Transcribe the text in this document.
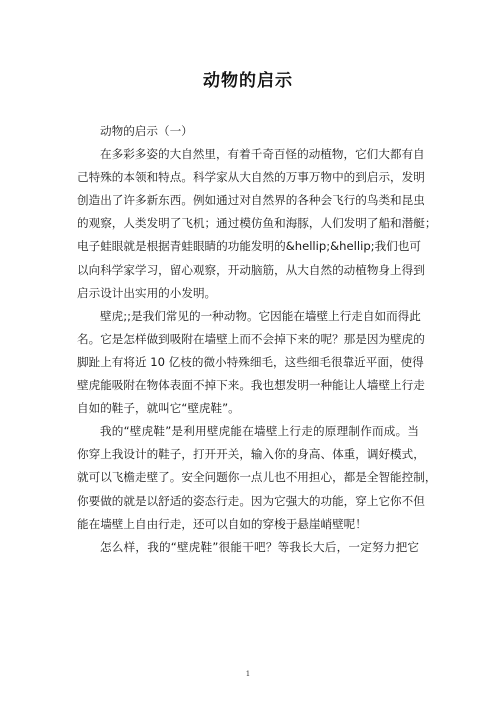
动物的启示
动物的启示（一）
在多彩多姿的大自然里，有着千奇百怪的动植物，它们大都有自
己特殊的本领和特点。科学家从大自然的万事万物中的到启示，发明
创造出了许多新东西。例如通过对自然界的各种会飞行的鸟类和昆虫
的观察，人类发明了飞机；通过模仿鱼和海豚，人们发明了船和潜艇；
电子蛙眼就是根据青蛙眼睛的功能发明的&hellip;&hellip;我们也可
以向科学家学习，留心观察，开动脑筋，从大自然的动植物身上得到
启示设计出实用的小发明。
壁虎;;是我们常见的一种动物。它因能在墙壁上行走自如而得此
名。它是怎样做到吸附在墙壁上而不会掉下来的呢？那是因为壁虎的
脚趾上有将近 10 亿枝的微小特殊细毛，这些细毛很靠近平面，使得
壁虎能吸附在物体表面不掉下来。我也想发明一种能让人墙壁上行走
自如的鞋子，就叫它“壁虎鞋”。
我的“壁虎鞋”是利用壁虎能在墙壁上行走的原理制作而成。当
你穿上我设计的鞋子，打开开关，输入你的身高、体重，调好模式，
就可以飞檐走壁了。安全问题你一点儿也不用担心，都是全智能控制，
你要做的就是以舒适的姿态行走。因为它强大的功能，穿上它你不但
能在墙壁上自由行走，还可以自如的穿梭于悬崖峭壁呢！
怎么样，我的“壁虎鞋”很能干吧？等我长大后，一定努力把它
1
